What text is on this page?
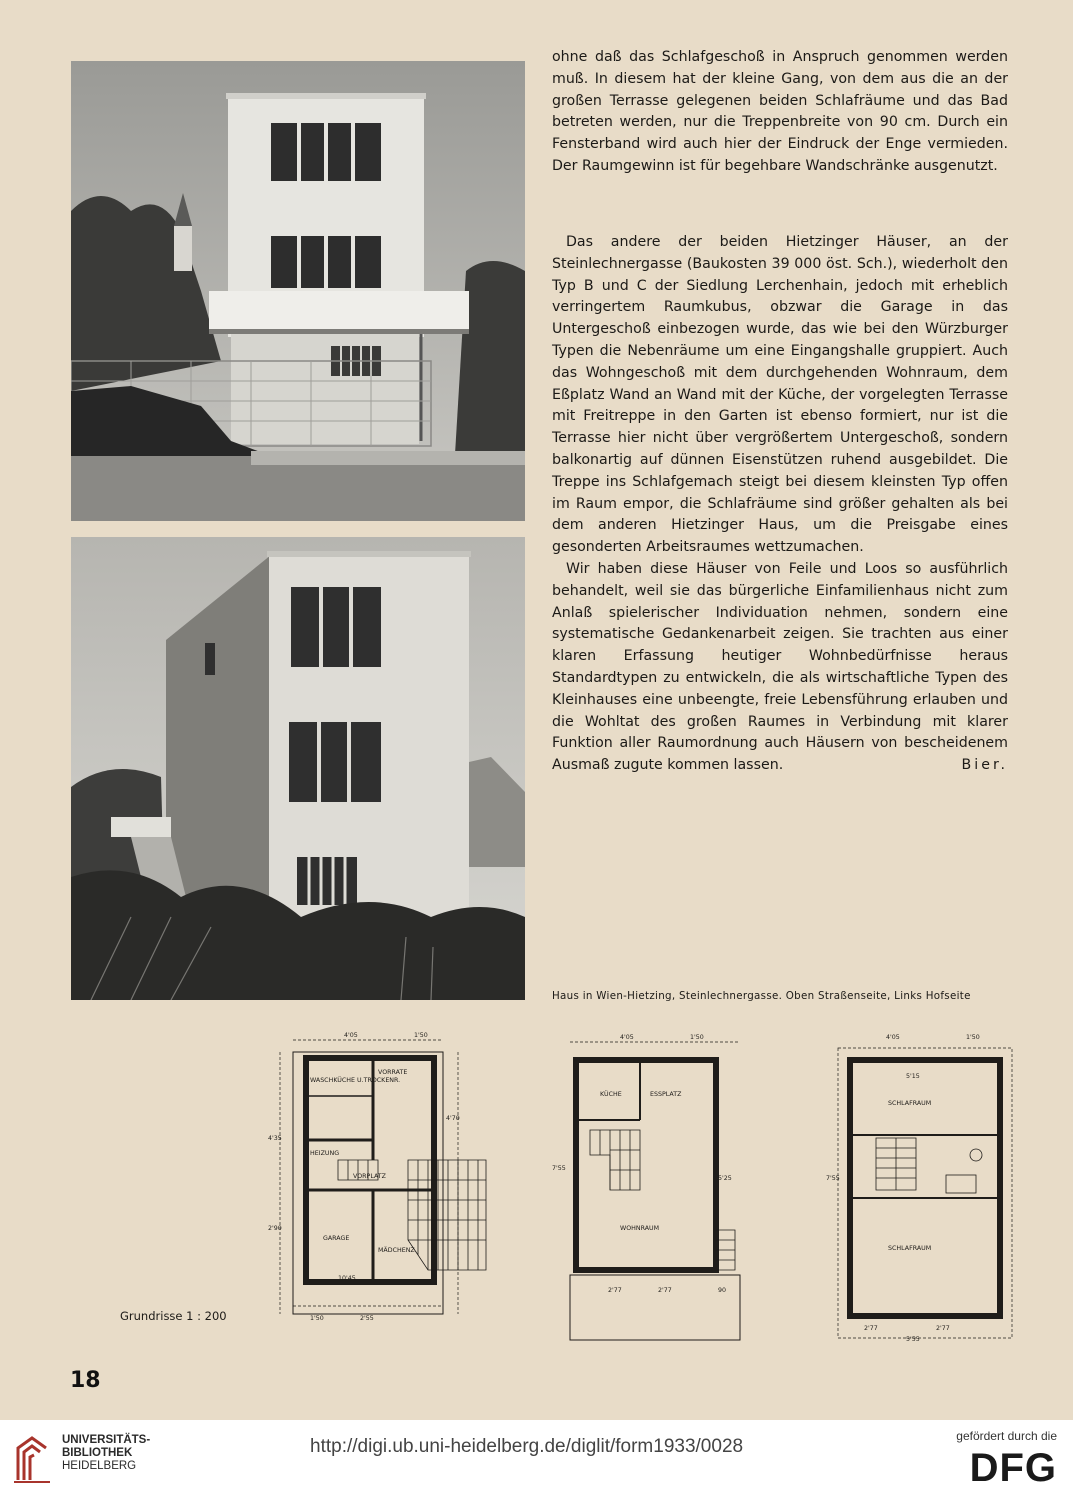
ohne daß das Schlafgeschoß in Anspruch genommen werden muß. In diesem hat der kleine Gang, von dem aus die an der großen Terrasse gelegenen beiden Schlafräume und das Bad betreten werden, nur die Treppenbreite von 90 cm. Durch ein Fensterband wird auch hier der Eindruck der Enge vermieden. Der Raumgewinn ist für begehbare Wandschränke ausgenutzt.

Das andere der beiden Hietzinger Häuser, an der Steinlechnergasse (Baukosten 39 000 öst. Sch.), wiederholt den Typ B und C der Siedlung Lerchenhain, jedoch mit erheblich verringertem Raumkubus, obzwar die Garage in das Untergeschoß einbezogen wurde, das wie bei den Würzburger Typen die Nebenräume um eine Eingangshalle gruppiert. Auch das Wohngeschoß mit dem durchgehenden Wohnraum, dem Eßplatz Wand an Wand mit der Küche, der vorgelegten Terrasse mit Freitreppe in den Garten ist ebenso formiert, nur ist die Terrasse hier nicht über vergrößertem Untergeschoß, sondern balkonartig auf dünnen Eisenstützen ruhend ausgebildet. Die Treppe ins Schlafgemach steigt bei diesem kleinsten Typ offen im Raum empor, die Schlafräume sind größer gehalten als bei dem anderen Hietzinger Haus, um die Preisgabe eines gesonderten Arbeitsraumes wettzumachen.

Wir haben diese Häuser von Feile und Loos so ausführlich behandelt, weil sie das bürgerliche Einfamilienhaus nicht zum Anlaß spielerischer Individuation nehmen, sondern eine systematische Gedankenarbeit zeigen. Sie trachten aus einer klaren Erfassung heutiger Wohnbedürfnisse heraus Standardtypen zu entwickeln, die als wirtschaftliche Typen des Kleinhauses eine unbeengte, freie Lebensführung erlauben und die Wohltat des großen Raumes in Verbindung mit klarer Funktion aller Raumordnung auch Häusern von bescheidenem Ausmaß zugute kommen lassen.	Bier.

Haus in Wien-Hietzing, Steinlechnergasse. Oben Straßenseite, Links Hofseite
WASCHKÜCHE U.TROCKENR.
VORRATE
HEIZUNG
VORPLATZ
GARAGE
MÄDCHENZ.
4'05	1'50
4'70
2'90
4'35
10'45
1'50	2'55
KÜCHE	ESSPLATZ
WOHNRAUM
4'05	1'50
7'55
5'25
2'77	2'77	90
SCHLAFRAUM
SCHLAFRAUM
4'05	1'50
5'15
7'55
2'77	2'77
5'55
Grundrisse 1 : 200
18
UNIVERSITÄTS-
BIBLIOTHEK
HEIDELBERG
http://digi.ub.uni-heidelberg.de/diglit/form1933/0028	gefördert durch die
DFG
